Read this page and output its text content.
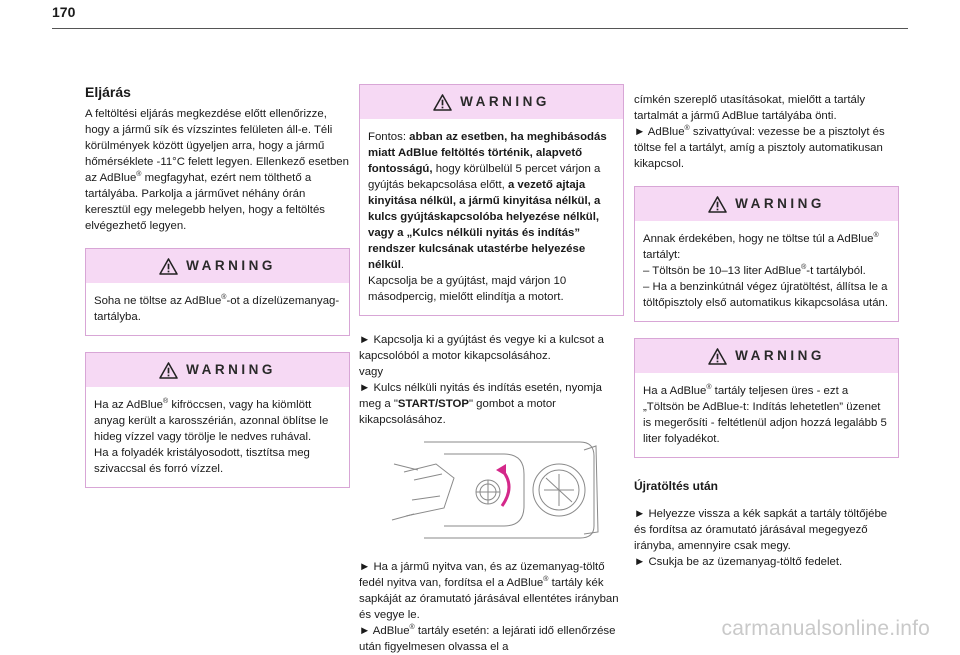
170
Eljárás

A feltöltési eljárás megkezdése előtt ellenőrizze, hogy a jármű sík és vízszintes felületen áll-e. Téli körülmények között ügyeljen arra, hogy a jármű hőmérséklete -11°C felett legyen. Ellenkező esetben az AdBlue® megfagyhat, ezért nem tölthető a tartályába. Parkolja a járművet néhány órán keresztül egy melegebb helyen, hogy a feltöltés elvégezhető legyen.

WARNING

Soha ne töltse az AdBlue®-ot a dízelüzemanyag-tartályba.

WARNING

Ha az AdBlue® kifröccsen, vagy ha kiömlött anyag került a karosszérián, azonnal öblítse le hideg vízzel vagy törölje le nedves ruhával.

Ha a folyadék kristályosodott, tisztítsa meg szivaccsal és forró vízzel.

WARNING

Fontos: abban az esetben, ha meghibásodás miatt AdBlue feltöltés történik, alapvető fontosságú, hogy körülbelül 5 percet várjon a gyújtás bekapcsolása előtt, a vezető ajtaja kinyitása nélkül, a jármű kinyitása nélkül, a kulcs gyújtáskapcsolóba helyezése nélkül, vagy a „Kulcs nélküli nyitás és indítás” rendszer kulcsának utastérbe helyezése nélkül.

Kapcsolja be a gyújtást, majd várjon 10 másodpercig, mielőtt elindítja a motort.

► Kapcsolja ki a gyújtást és vegye ki a kulcsot a kapcsolóból a motor kikapcsolásához.

vagy

► Kulcs nélküli nyitás és indítás esetén, nyomja meg a "START/STOP" gombot a motor kikapcsolásához.

► Ha a jármű nyitva van, és az üzemanyag-töltő fedél nyitva van, fordítsa el a AdBlue® tartály kék sapkáját az óramutató járásával ellentétes irányban és vegye le.

► AdBlue® tartály esetén: a lejárati idő ellenőrzése után figyelmesen olvassa el a

címkén szereplő utasításokat, mielőtt a tartály tartalmát a jármű AdBlue tartályába önti.

► AdBlue® szivattyúval: vezesse be a pisztolyt és töltse fel a tartályt, amíg a pisztoly automatikusan kikapcsol.

WARNING

Annak érdekében, hogy ne töltse túl a AdBlue® tartályt:

– Töltsön be 10–13 liter AdBlue®-t tartályból.

– Ha a benzinkútnál végez újratöltést, állítsa le a töltőpisztoly első automatikus kikapcsolása után.

WARNING

Ha a AdBlue® tartály teljesen üres - ezt a „Töltsön be AdBlue-t: Indítás lehetetlen” üzenet is megerősíti - feltétlenül adjon hozzá legalább 5 liter folyadékot.

Újratöltés után

► Helyezze vissza a kék sapkát a tartály töltőjébe és fordítsa az óramutató járásával megegyező irányba, amennyire csak megy.

► Csukja be az üzemanyag-töltő fedelet.

carmanualsonline.info
